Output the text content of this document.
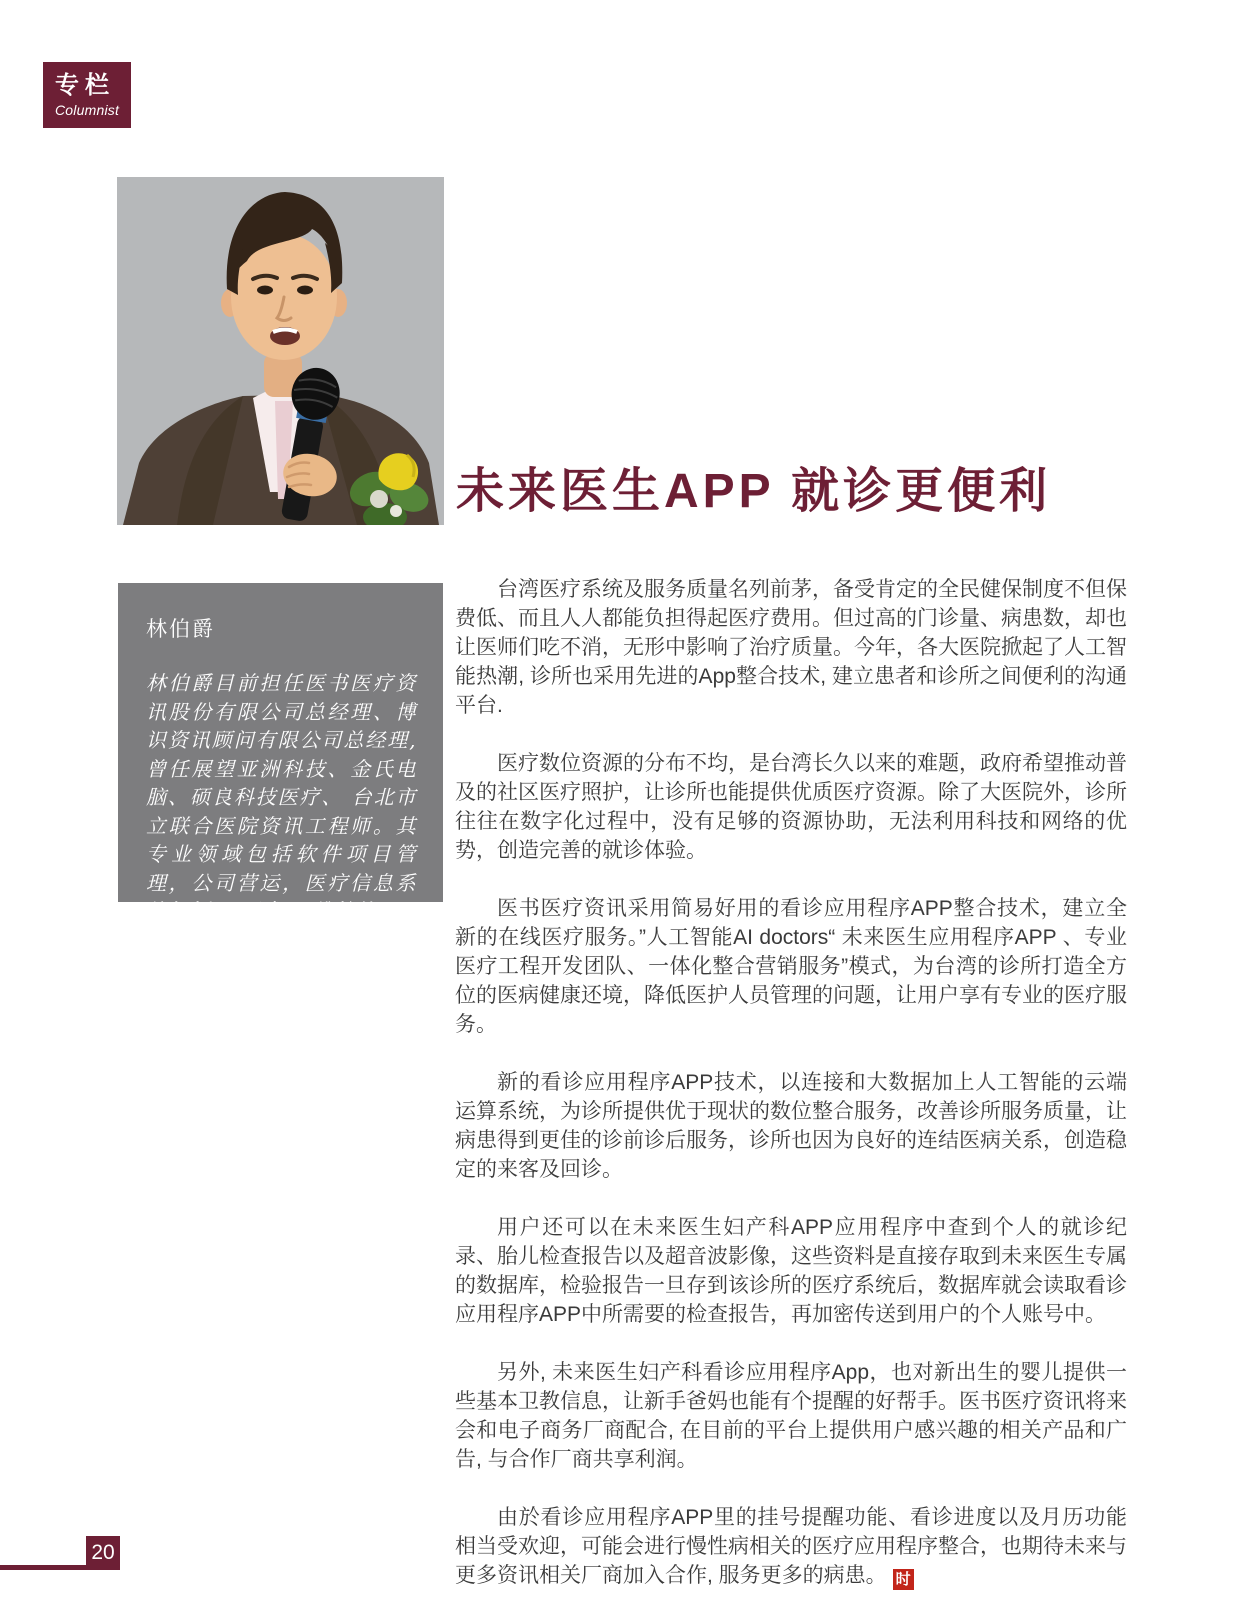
专栏
Columnist
未来医生APP 就诊更便利

林伯爵

林伯爵目前担任医书医疗资讯股份有限公司总经理、博识资讯顾问有限公司总经理, 曾任展望亚洲科技、金氏电脑、硕良科技医疗、 台北市立联合医院资讯工程师。其专业领域包括软件项目管理，公司营运，医疗信息系统规划、 开发、 维护等。

台湾医疗系统及服务质量名列前茅，备受肯定的全民健保制度不但保费低、而且人人都能负担得起医疗费用。但过高的门诊量、病患数，却也让医师们吃不消，无形中影响了治疗质量。今年，各大医院掀起了人工智能热潮, 诊所也采用先进的App整合技术, 建立患者和诊所之间便利的沟通平台.

医疗数位资源的分布不均，是台湾长久以来的难题，政府希望推动普及的社区医疗照护，让诊所也能提供优质医疗资源。除了大医院外，诊所往往在数字化过程中，没有足够的资源协助，无法利用科技和网络的优势，创造完善的就诊体验。

医书医疗资讯采用简易好用的看诊应用程序APP整合技术，建立全新的在线医疗服务。”人工智能AI doctors“ 未来医生应用程序APP 、专业医疗工程开发团队、一体化整合营销服务”模式，为台湾的诊所打造全方位的医病健康还境，降低医护人员管理的问题，让用户享有专业的医疗服务。

新的看诊应用程序APP技术，以连接和大数据加上人工智能的云端运算系统，为诊所提供优于现状的数位整合服务，改善诊所服务质量，让病患得到更佳的诊前诊后服务，诊所也因为良好的连结医病关系，创造稳定的来客及回诊。

用户还可以在未来医生妇产科APP应用程序中查到个人的就诊纪录、胎儿检查报告以及超音波影像，这些资料是直接存取到未来医生专属的数据库，检验报告一旦存到该诊所的医疗系统后，数据库就会读取看诊应用程序APP中所需要的检查报告，再加密传送到用户的个人账号中。

另外, 未来医生妇产科看诊应用程序App，也对新出生的婴儿提供一些基本卫教信息，让新手爸妈也能有个提醒的好帮手。医书医疗资讯将来会和电子商务厂商配合, 在目前的平台上提供用户感兴趣的相关产品和广告, 与合作厂商共享利润。

由於看诊应用程序APP里的挂号提醒功能、看诊进度以及月历功能相当受欢迎，可能会进行慢性病相关的医疗应用程序整合，也期待未来与更多资讯相关厂商加入合作, 服务更多的病患。 时

20
